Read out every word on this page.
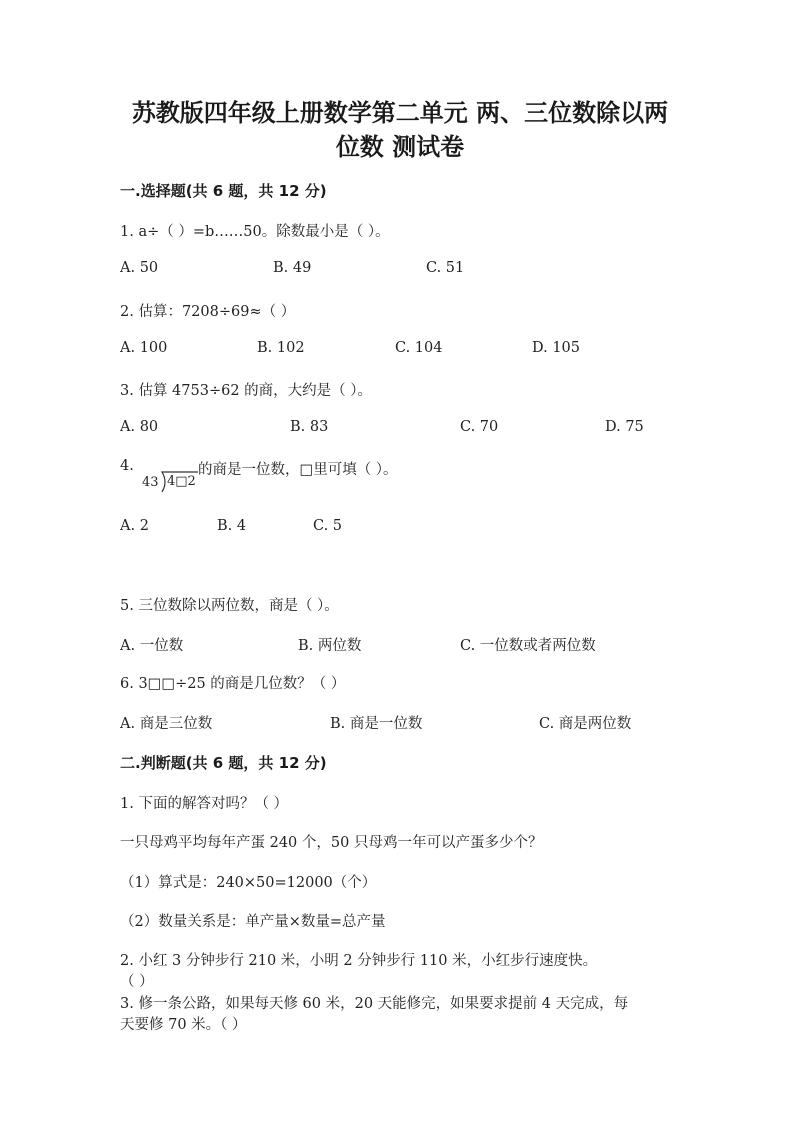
苏教版四年级上册数学第二单元 两、三位数除以两
位数 测试卷
一.选择题(共 6 题，共 12 分)
1. a÷（ ）=b……50。除数最小是（ ）。
A. 50	B. 49	C. 51
2. 估算：7208÷69≈（ ）
A. 100	B. 102	C. 104	D. 105
3. 估算 4753÷62 的商，大约是（ ）。
A. 80	B. 83	C. 70	D. 75
4.
43 4□2
的商是一位数，□里可填（ ）。
A. 2	B. 4	C. 5
5. 三位数除以两位数，商是（ ）。
A. 一位数	B. 两位数	C. 一位数或者两位数
6. 3□□÷25 的商是几位数？（ ）
A. 商是三位数	B. 商是一位数	C. 商是两位数
二.判断题(共 6 题，共 12 分)
1. 下面的解答对吗？（ ）
一只母鸡平均每年产蛋 240 个，50 只母鸡一年可以产蛋多少个？
（1）算式是：240×50=12000（个）
（2）数量关系是：单产量×数量=总产量
2. 小红 3 分钟步行 210 米，小明 2 分钟步行 110 米，小红步行速度快。
（ ）
3. 修一条公路，如果每天修 60 米，20 天能修完，如果要求提前 4 天完成，每
天要修 70 米。（ ）
